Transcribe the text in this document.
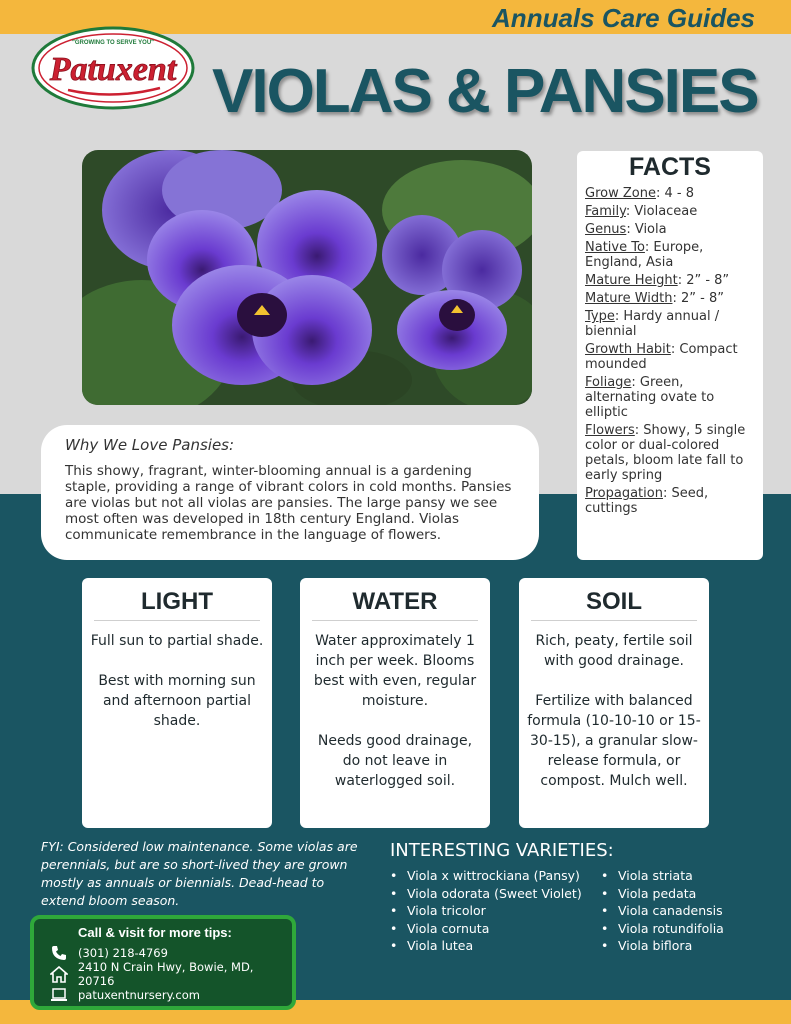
Annuals Care Guides
"GROWING TO SERVE YOU"
Patuxent VIOLAS & PANSIES
FACTS
Grow Zone: 4 - 8
Family: Violaceae
Genus: Viola
Native To: Europe, England, Asia
Mature Height: 2” - 8”
Mature Width: 2” - 8”
Type: Hardy annual / biennial
Growth Habit: Compact mounded
Foliage: Green, alternating ovate to elliptic
Flowers: Showy, 5 single color or dual-colored petals, bloom late fall to early spring
Propagation: Seed, cuttings
Why We Love Pansies:

This showy, fragrant, winter-blooming annual is a gardening staple, providing a range of vibrant colors in cold months. Pansies are violas but not all violas are pansies. The large pansy we see most often was developed in 18th century England. Violas communicate remembrance in the language of flowers.

LIGHT
Full sun to partial shade.

Best with morning sun and afternoon partial shade.
WATER
Water approximately 1 inch per week. Blooms best with even, regular moisture.

Needs good drainage, do not leave in waterlogged soil.
SOIL
Rich, peaty, fertile soil with good drainage.

Fertilize with balanced formula (10-10-10 or 15-30-15), a granular slow-release formula, or compost. Mulch well.
FYI: Considered low maintenance. Some violas are perennials, but are so short-lived they are grown mostly as annuals or biennials. Dead-head to extend bloom season.
INTERESTING VARIETIES:
• Viola x wittrockiana (Pansy)
• Viola odorata (Sweet Violet)
• Viola tricolor
• Viola cornuta
• Viola lutea
• Viola striata
• Viola pedata
• Viola canadensis
• Viola rotundifolia
• Viola biflora
Call & visit for more tips:
(301) 218-4769
2410 N Crain Hwy, Bowie, MD, 20716
patuxentnursery.com
